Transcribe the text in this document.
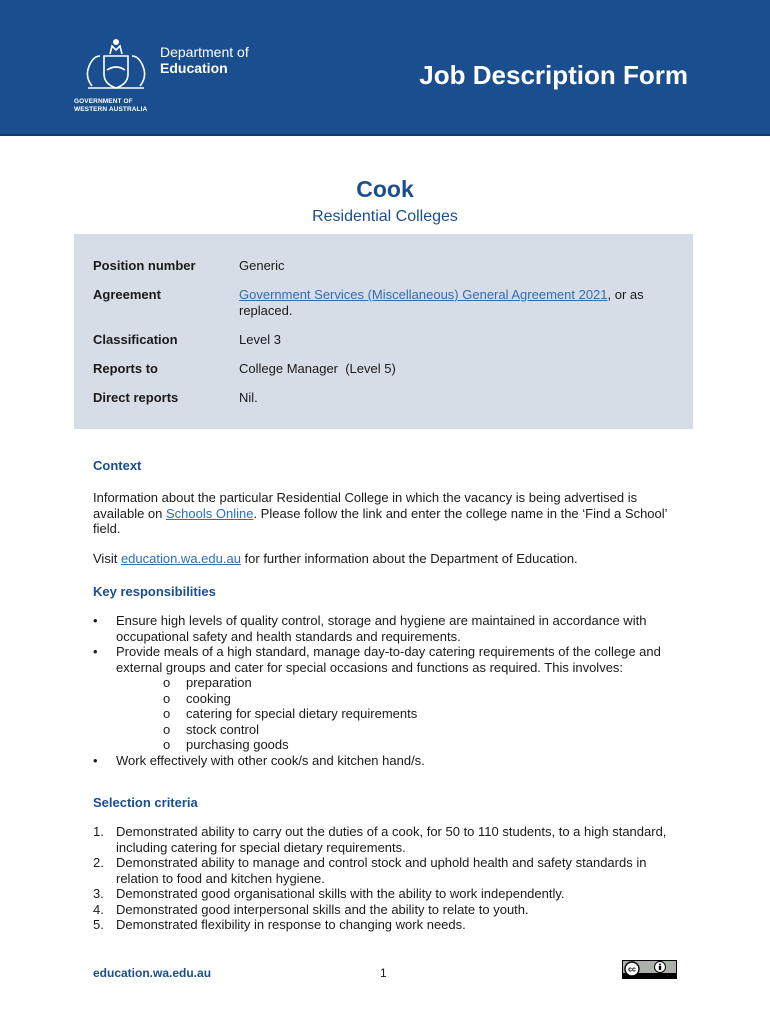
Department of
Education
GOVERNMENT OF
WESTERN AUSTRALIA
Job Description Form
Cook
Residential Colleges
Position number	Generic
Agreement	Government Services (Miscellaneous) General Agreement 2021, or as replaced.
Classification	Level 3
Reports to	College Manager  (Level 5)
Direct reports	Nil.
Context

Information about the particular Residential College in which the vacancy is being advertised is available on Schools Online. Please follow the link and enter the college name in the ‘Find a School’ field.

Visit education.wa.edu.au for further information about the Department of Education.

Key responsibilities
• Ensure high levels of quality control, storage and hygiene are maintained in accordance with occupational safety and health standards and requirements.
• Provide meals of a high standard, manage day-to-day catering requirements of the college and external groups and cater for special occasions and functions as required. This involves:
o preparation
o cooking
o catering for special dietary requirements
o stock control
o purchasing goods
• Work effectively with other cook/s and kitchen hand/s.
Selection criteria
1. Demonstrated ability to carry out the duties of a cook, for 50 to 110 students, to a high standard, including catering for special dietary requirements.
2. Demonstrated ability to manage and control stock and uphold health and safety standards in relation to food and kitchen hygiene.
3. Demonstrated good organisational skills with the ability to work independently.
4. Demonstrated good interpersonal skills and the ability to relate to youth.
5. Demonstrated flexibility in response to changing work needs.
education.wa.edu.au	1	cc
